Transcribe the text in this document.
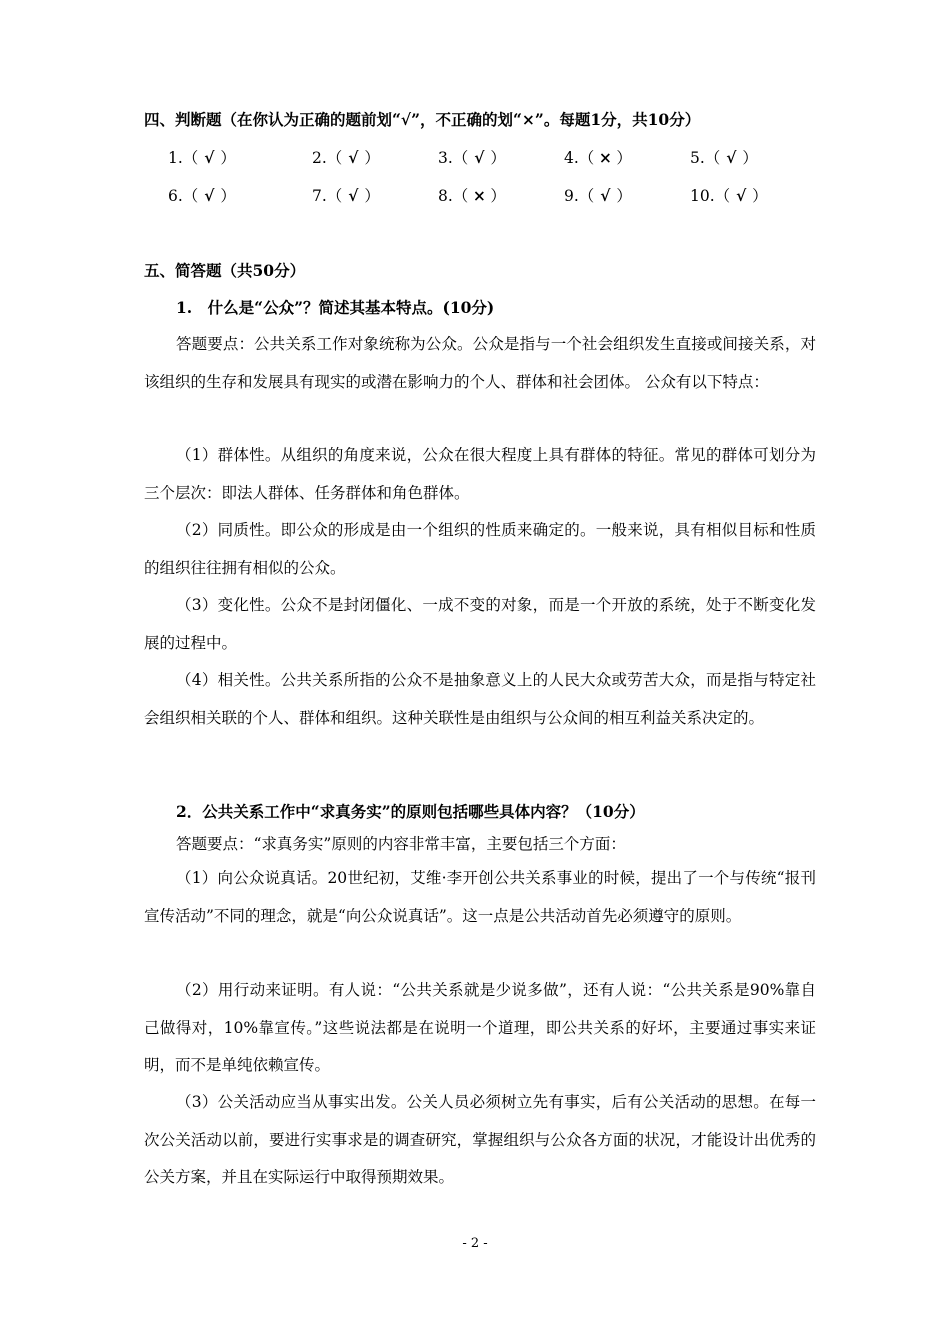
四、判断题（在你认为正确的题前划“√”，不正确的划“×”。每题1分，共10分）
1.（ √ ）	2.（ √ ）	3.（ √ ）	4.（ × ）	5.（ √ ）
6.（ √ ）	7.（ √ ）	8.（ × ）	9.（ √ ）	10.（ √ ）
五、简答题（共50分）

1.　什么是“公众”？简述其基本特点。(10分)

答题要点：公共关系工作对象统称为公众。公众是指与一个社会组织发生直接或间接关系，对该组织的生存和发展具有现实的或潜在影响力的个人、群体和社会团体。 公众有以下特点：

（1）群体性。从组织的角度来说，公众在很大程度上具有群体的特征。常见的群体可划分为三个层次：即法人群体、任务群体和角色群体。

（2）同质性。即公众的形成是由一个组织的性质来确定的。一般来说，具有相似目标和性质的组织往往拥有相似的公众。

（3）变化性。公众不是封闭僵化、一成不变的对象，而是一个开放的系统，处于不断变化发展的过程中。

（4）相关性。公共关系所指的公众不是抽象意义上的人民大众或劳苦大众，而是指与特定社会组织相关联的个人、群体和组织。这种关联性是由组织与公众间的相互利益关系决定的。

2．公共关系工作中“求真务实”的原则包括哪些具体内容？（10分）

答题要点：“求真务实”原则的内容非常丰富，主要包括三个方面：

（1）向公众说真话。20世纪初，艾维·李开创公共关系事业的时候，提出了一个与传统“报刊宣传活动”不同的理念，就是“向公众说真话”。这一点是公共活动首先必须遵守的原则。

（2）用行动来证明。有人说：“公共关系就是少说多做”，还有人说：“公共关系是90%靠自己做得对，10%靠宣传。”这些说法都是在说明一个道理，即公共关系的好坏，主要通过事实来证明，而不是单纯依赖宣传。

（3）公关活动应当从事实出发。公关人员必须树立先有事实，后有公关活动的思想。在每一次公关活动以前，要进行实事求是的调查研究，掌握组织与公众各方面的状况，才能设计出优秀的公关方案，并且在实际运行中取得预期效果。

- 2 -
